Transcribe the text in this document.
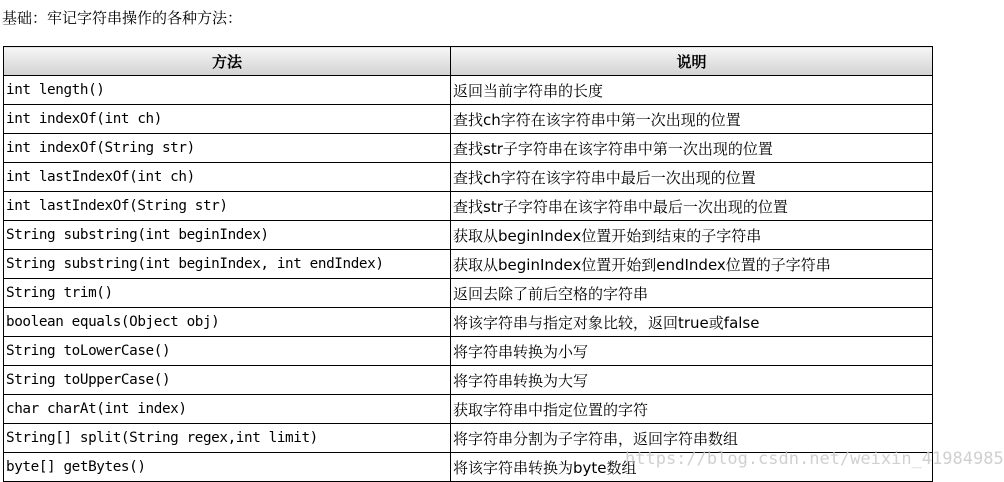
基础：牢记字符串操作的各种方法：
方法	说明
int length()	返回当前字符串的长度
int indexOf(int ch)	查找ch字符在该字符串中第一次出现的位置
int indexOf(String str)	查找str子字符串在该字符串中第一次出现的位置
int lastIndexOf(int ch)	查找ch字符在该字符串中最后一次出现的位置
int lastIndexOf(String str)	查找str子字符串在该字符串中最后一次出现的位置
String substring(int beginIndex)	获取从beginIndex位置开始到结束的子字符串
String substring(int beginIndex, int endIndex)	获取从beginIndex位置开始到endIndex位置的子字符串
String trim()	返回去除了前后空格的字符串
boolean equals(Object obj)	将该字符串与指定对象比较，返回true或false
String toLowerCase()	将字符串转换为小写
String toUpperCase()	将字符串转换为大写
char charAt(int index)	获取字符串中指定位置的字符
String[] split(String regex,int limit)	将字符串分割为子字符串，返回字符串数组
byte[] getBytes()	将该字符串转换为byte数组
https://blog.csdn.net/weixin_41984985
